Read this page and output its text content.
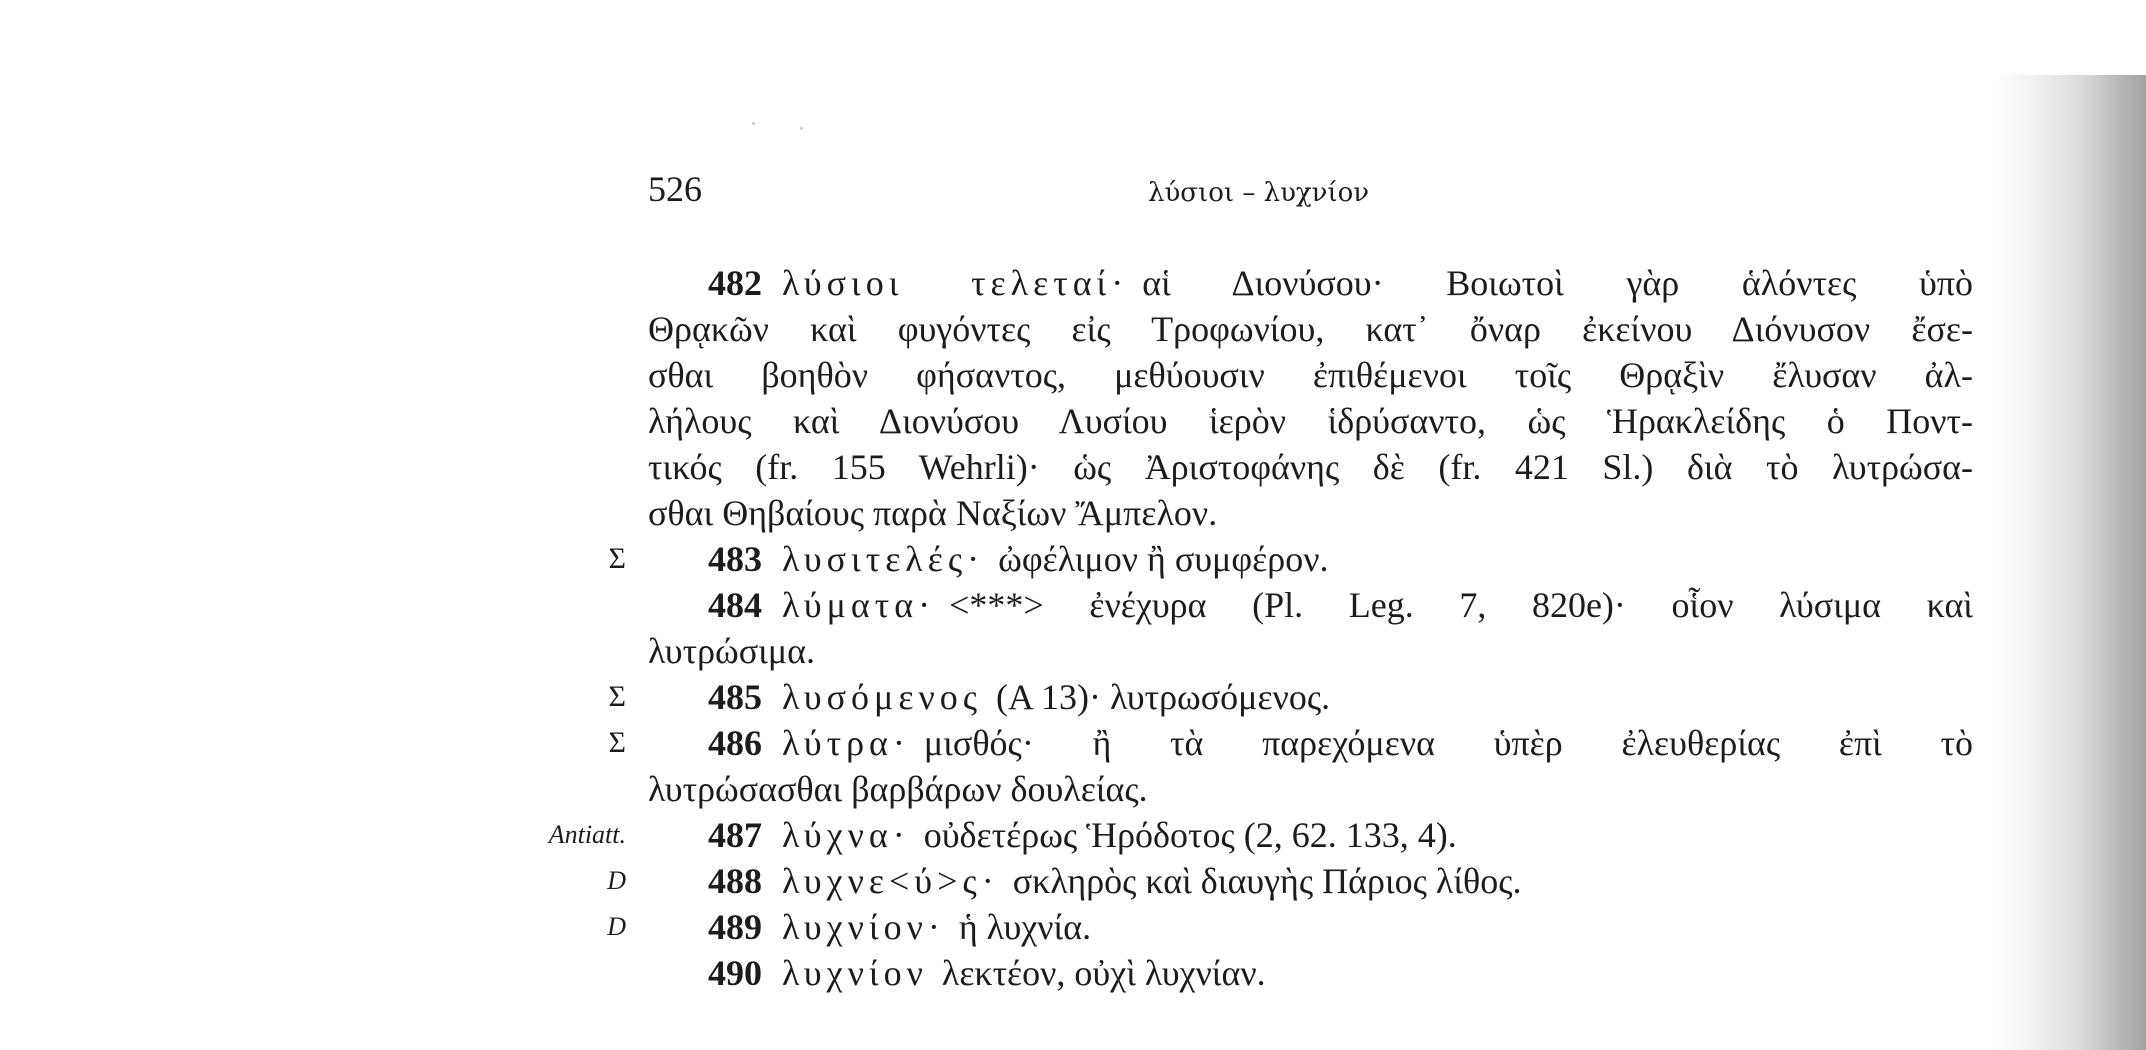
526	λύσιοι – λυχνίον
482 λύσιοι τελεταί· αἱ Διονύσου· Βοιωτοὶ γὰρ ἁλόντες ὑπὸ
Θρᾳκῶν καὶ φυγόντες εἰς Τροφωνίου, κατ᾽ ὄναρ ἐκείνου Διόνυσον ἔσε-
σθαι βοηθὸν φήσαντος, μεθύουσιν ἐπιθέμενοι τοῖς Θρᾳξὶν ἔλυσαν ἀλ-
λήλους καὶ Διονύσου Λυσίου ἱερὸν ἱδρύσαντο, ὡς Ἡρακλείδης ὁ Ποντ-
τικός (fr. 155 Wehrli)· ὡς Ἀριστοφάνης δὲ (fr. 421 Sl.) διὰ τὸ λυτρώσα-
σθαι Θηβαίους παρὰ Ναξίων Ἄμπελον.
Σ 483 λυσιτελές· ὠφέλιμον ἢ συμφέρον.
484 λύματα· <***> ἐνέχυρα (Pl. Leg. 7, 820e)· οἷον λύσιμα καὶ
λυτρώσιμα.
Σ 485 λυσόμενος (Α 13)· λυτρωσόμενος.
Σ 486 λύτρα· μισθός· ἢ τὰ παρεχόμενα ὑπὲρ ἐλευθερίας ἐπὶ τὸ
λυτρώσασθαι βαρβάρων δουλείας.
Antiatt. 487 λύχνα· οὐδετέρως Ἡρόδοτος (2, 62. 133, 4).
D 488 λυχνε<ύ>ς· σκληρὸς καὶ διαυγὴς Πάριος λίθος.
D 489 λυχνίον· ἡ λυχνία.
490 λυχνίον λεκτέον, οὐχὶ λυχνίαν.
